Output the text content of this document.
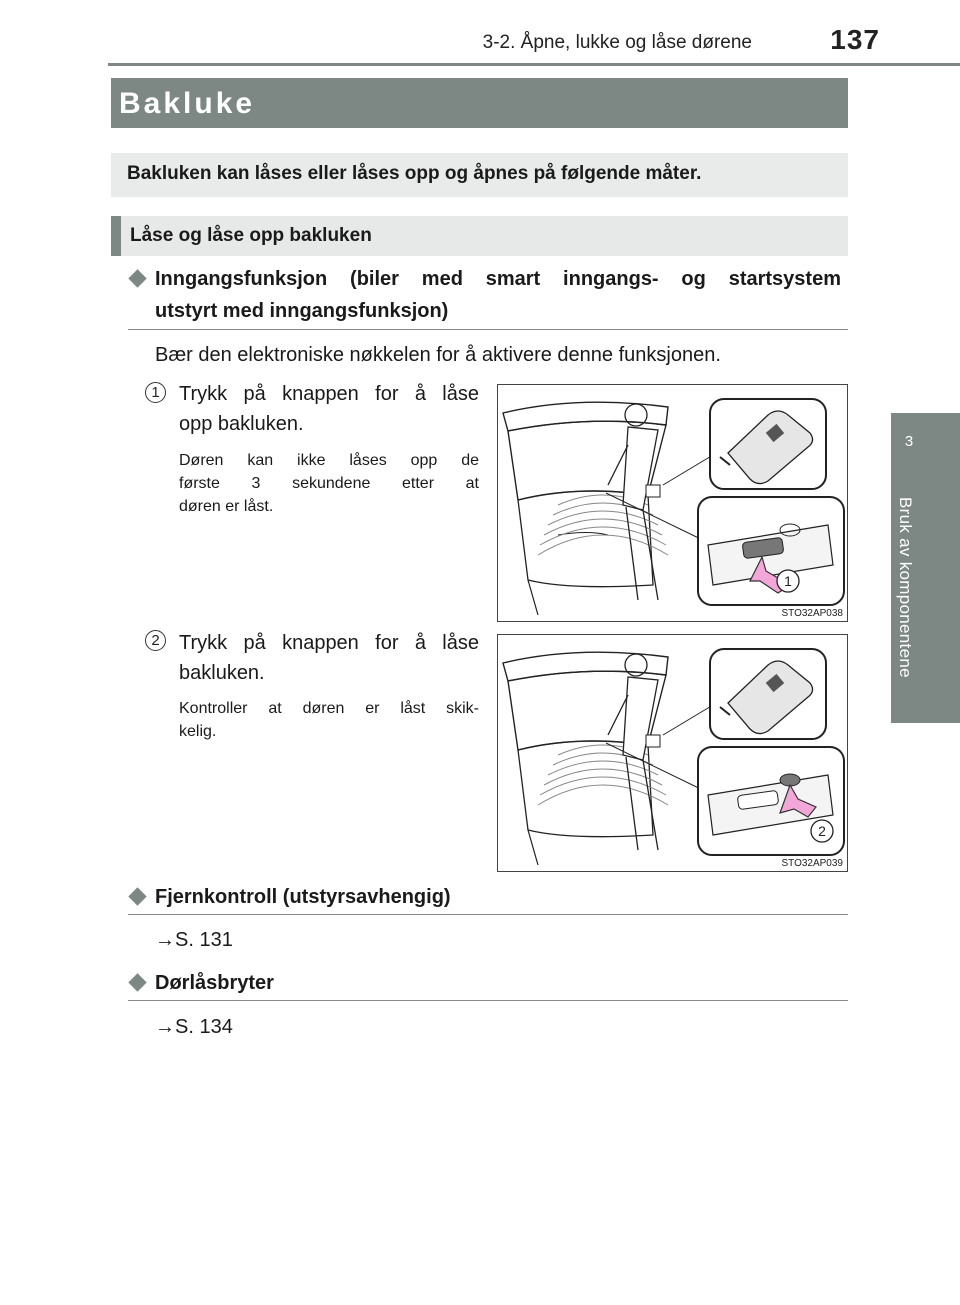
3-2. Åpne, lukke og låse dørene	137
3
Bruk av komponentene
Bakluke
Bakluken kan låses eller låses opp og åpnes på følgende måter.
Låse og låse opp bakluken
Inngangsfunksjon (biler med smart inngangs- og startsystem
utstyrt med inngangsfunksjon)
Bær den elektroniske nøkkelen for å aktivere denne funksjonen.
1 Trykk på knappen for å låse
opp bakluken.
Døren kan ikke låses opp de
første 3 sekundene etter at
døren er låst.
1
STO32AP038
2 Trykk på knappen for å låse
bakluken.
Kontroller at døren er låst skik-
kelig.
2
STO32AP039
Fjernkontroll (utstyrsavhengig)
→S. 131
Dørlåsbryter
→S. 134
